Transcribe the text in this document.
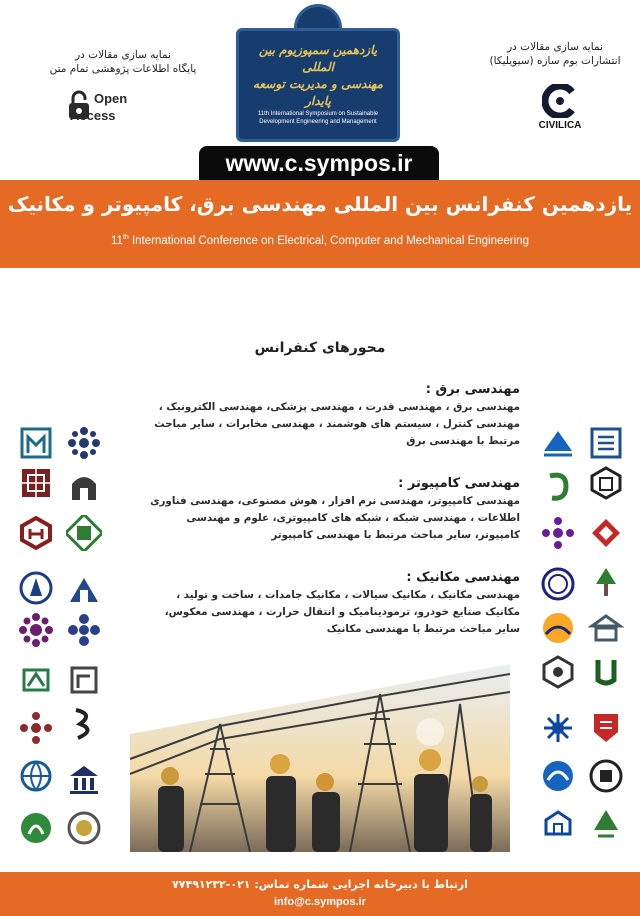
نمایه سازی مقالات در
پایگاه اطلاعات پژوهشی تمام متن
Open
Access
یازدهمین سمپوزیوم بین المللی
مهندسی و مدیریت توسعه پایدار
11th International Symposium on Sustainable
Development Engineering and Management
نمایه سازی مقالات در
انتشارات بوم سازه (سیویلیکا)
CIVILICA
www.c.sympos.ir
یازدهمین کنفرانس بین المللی مهندسی برق، کامپیوتر و مکانیک
11th International Conference on Electrical, Computer and Mechanical Engineering
محورهای کنفرانس
مهندسی برق :

مهندسی برق ، مهندسی قدرت ، مهندسی پزشکی، مهندسی الکترونیک ،

مهندسی کنترل ، سیستم های هوشمند ، مهندسی مخابرات ، سایر مباحث

مرتبط با مهندسی برق

مهندسی کامپیوتر :

مهندسی کامپیوتر، مهندسی نرم افزار ، هوش مصنوعی، مهندسی فناوری

اطلاعات ، مهندسی شبکه ، شبکه های کامپیوتری، علوم و مهندسی

کامپیوتر، سایر مباحث مرتبط با مهندسی کامپیوتر

مهندسی مکانیک :

مهندسی مکانیک ، مکانیک سیالات ، مکانیک جامدات ، ساخت و تولید ،

مکانیک صنایع خودرو، ترمودینامیک و انتقال حرارت ، مهندسی معکوس،

سایر مباحث مرتبط با مهندسی مکانیک

ارتباط با دبیرخانه اجرایی شماره تماس: ۰۲۱-۷۷۴۹۱۲۳۲
info@c.sympos.ir
